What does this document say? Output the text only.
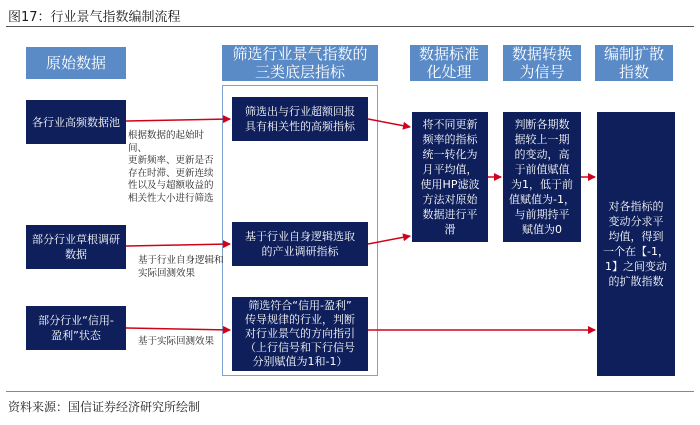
图17：行业景气指数编制流程
原始数据	筛选行业景气指数的
三类底层指标
数据标准
化处理
数据转换
为信号
编制扩散
指数
各行业高频数据池
部分行业草根调研
数据
部分行业“信用-
盈利”状态
筛选出与行业超额回报
具有相关性的高频指标
基于行业自身逻辑选取
的产业调研指标
筛选符合“信用-盈利”
传导规律的行业，判断
对行业景气的方向指引
（上行信号和下行信号
分别赋值为1和-1）
将不同更新
频率的指标
统一转化为
月平均值，
使用HP滤波
方法对原始
数据进行平
滑
判断各期数
据较上一期
的变动，高
于前值赋值
为1，低于前
值赋值为-1，
与前期持平
赋值为0
对各指标的
变动分求平
均值，得到
一个在【-1，
1】之间变动
的扩散指数
根据数据的起始时间、
更新频率、更新是否
存在时滞、更新连续
性以及与超额收益的
相关性大小进行筛选
基于行业自身逻辑和
实际回测效果
基于实际回测效果
资料来源：国信证券经济研究所绘制
